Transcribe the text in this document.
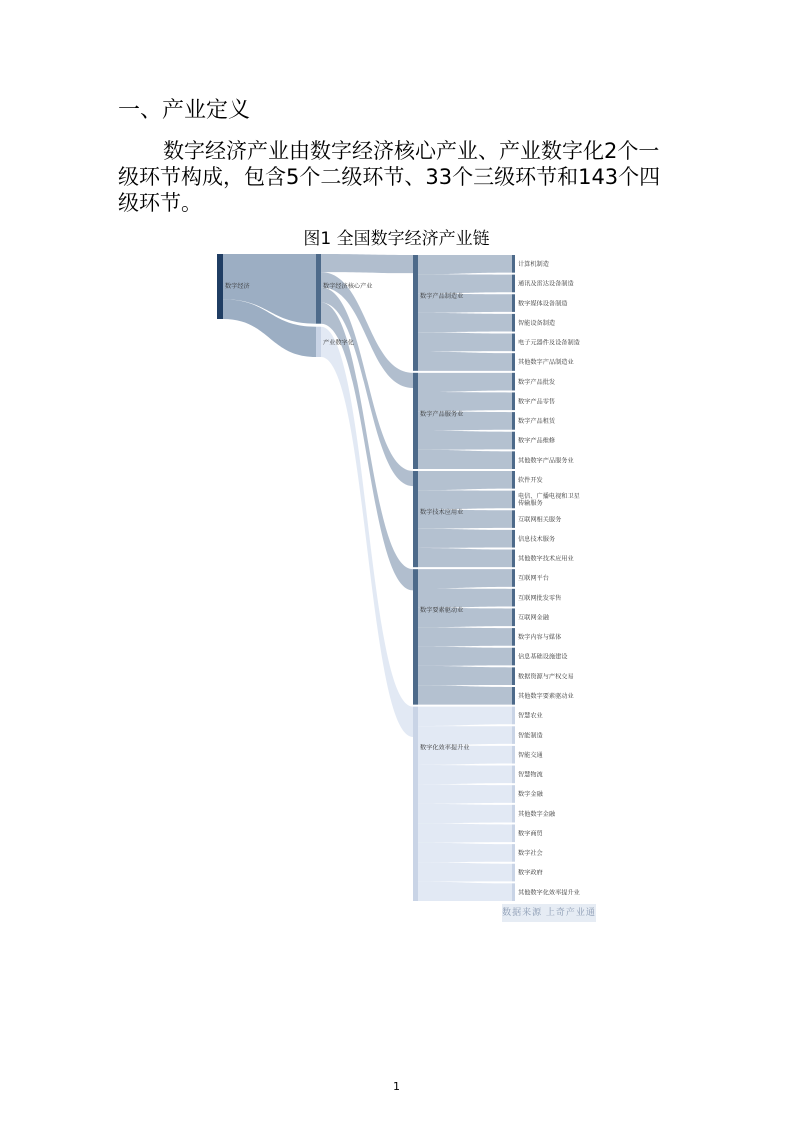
一、产业定义
数字经济产业由数字经济核心产业、产业数字化2个一级环节构成，包含5个二级环节、33个三级环节和143个四级环节。
图1 全国数字经济产业链
数字经济	数字经济核心产业
产业数字化
数字产品制造业
数字产品服务业
数字技术应用业
数字要素驱动业
数字化效率提升业
计算机制造
通讯及雷达设备制造
数字媒体设备制造
智能设备制造
电子元器件及设备制造
其他数字产品制造业
数字产品批发
数字产品零售
数字产品租赁
数字产品维修
其他数字产品服务业
软件开发
电信、广播电视和卫星传输服务
互联网相关服务
信息技术服务
其他数字技术应用业
互联网平台
互联网批发零售
互联网金融
数字内容与媒体
信息基础设施建设
数据资源与产权交易
其他数字要素驱动业
智慧农业
智能制造
智能交通
智慧物流
数字金融
其他数字金融
数字商贸
数字社会
数字政府
其他数字化效率提升业
数据来源 上奇产业通
1
